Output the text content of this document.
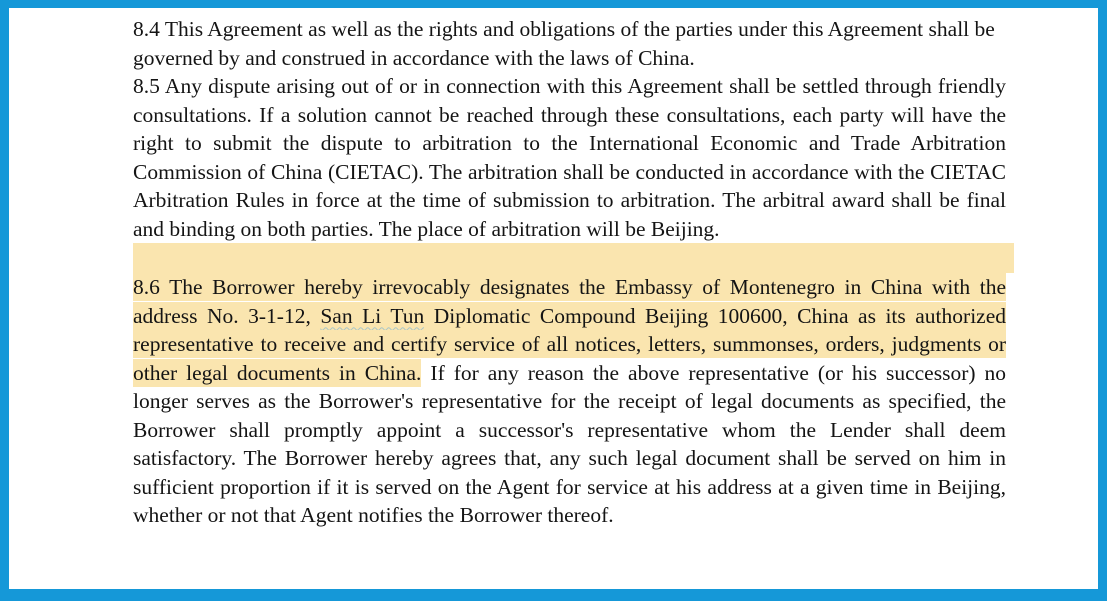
8.4 This Agreement as well as the rights and obligations of the parties under this Agreement shall be governed by and construed in accordance with the laws of China.

8.5 Any dispute arising out of or in connection with this Agreement shall be settled through friendly consultations. If a solution cannot be reached through these consultations, each party will have the right to submit the dispute to arbitration to the International Economic and Trade Arbitration Commission of China (CIETAC). The arbitration shall be conducted in accordance with the CIETAC Arbitration Rules in force at the time of submission to arbitration. The arbitral award shall be final and binding on both parties. The place of arbitration will be Beijing.

8.6 The Borrower hereby irrevocably designates the Embassy of Montenegro in China with the address No. 3-1-12, San Li Tun Diplomatic Compound Beijing 100600, China as its authorized representative to receive and certify service of all notices, letters, summonses, orders, judgments or other legal documents in China. If for any reason the above representative (or his successor) no longer serves as the Borrower's representative for the receipt of legal documents as specified, the Borrower shall promptly appoint a successor's representative whom the Lender shall deem satisfactory. The Borrower hereby agrees that, any such legal document shall be served on him in sufficient proportion if it is served on the Agent for service at his address at a given time in Beijing, whether or not that Agent notifies the Borrower thereof.
